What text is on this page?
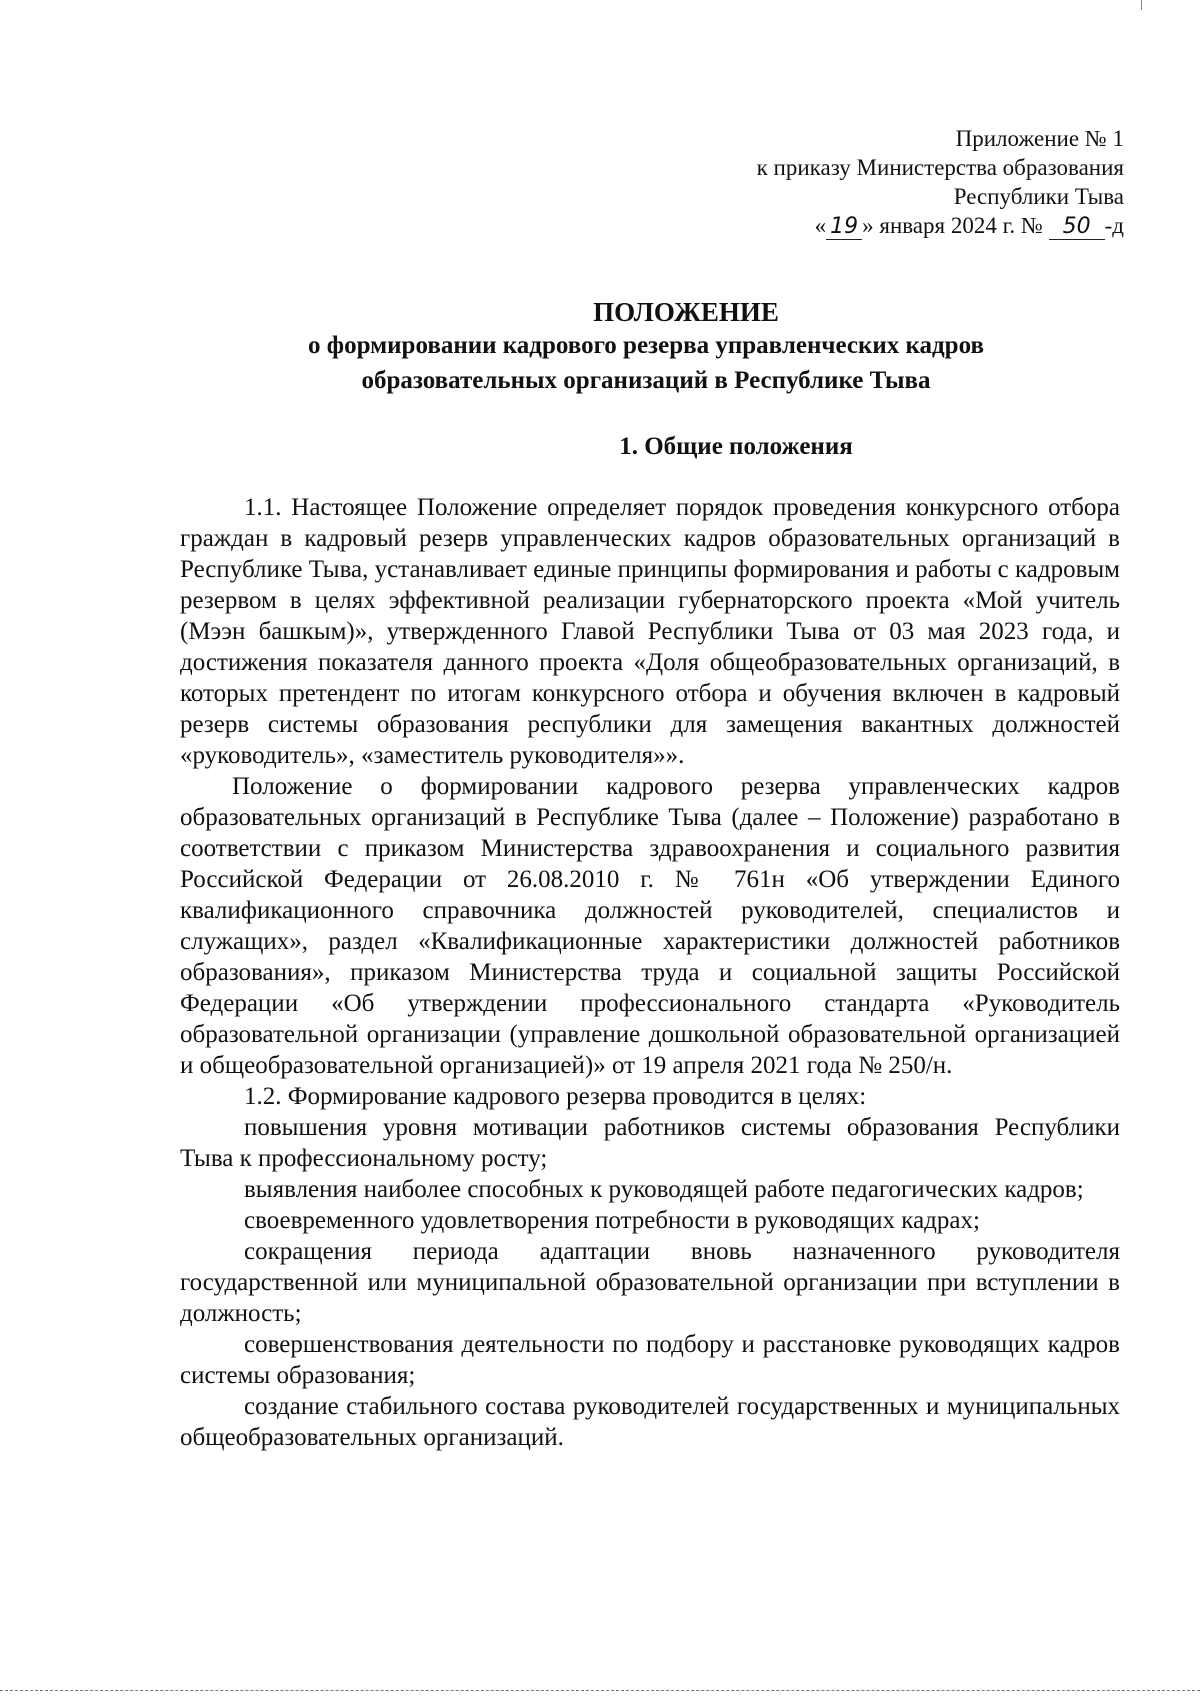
Приложение № 1
к приказу Министерства образования
Республики Тыва
« 19 » января 2024 г. № 50 -д
ПОЛОЖЕНИЕ
о формировании кадрового резерва управленческих кадров
образовательных организаций в Республике Тыва
1. Общие положения

1.1. Настоящее Положение определяет порядок проведения конкурсного отбора граждан в кадровый резерв управленческих кадров образовательных организаций в Республике Тыва, устанавливает единые принципы формирования и работы с кадровым резервом в целях эффективной реализации губернаторского проекта «Мой учитель (Мээн башкым)», утвержденного Главой Республики Тыва от 03 мая 2023 года, и достижения показателя данного проекта «Доля общеобразовательных организаций, в которых претендент по итогам конкурсного отбора и обучения включен в кадровый резерв системы образования республики для замещения вакантных должностей «руководитель», «заместитель руководителя»».

Положение о формировании кадрового резерва управленческих кадров образовательных организаций в Республике Тыва (далее – Положение) разработано в соответствии с приказом Министерства здравоохранения и социального развития Российской Федерации от 26.08.2010 г. № 761н «Об утверждении Единого квалификационного справочника должностей руководителей, специалистов и служащих», раздел «Квалификационные характеристики должностей работников образования», приказом Министерства труда и социальной защиты Российской Федерации «Об утверждении профессионального стандарта «Руководитель образовательной организации (управление дошкольной образовательной организацией и общеобразовательной организацией)» от 19 апреля 2021 года № 250/н.

1.2. Формирование кадрового резерва проводится в целях:

повышения уровня мотивации работников системы образования Республики Тыва к профессиональному росту;

выявления наиболее способных к руководящей работе педагогических кадров;

своевременного удовлетворения потребности в руководящих кадрах;

сокращения периода адаптации вновь назначенного руководителя государственной или муниципальной образовательной организации при вступлении в должность;

совершенствования деятельности по подбору и расстановке руководящих кадров системы образования;

создание стабильного состава руководителей государственных и муниципальных общеобразовательных организаций.
